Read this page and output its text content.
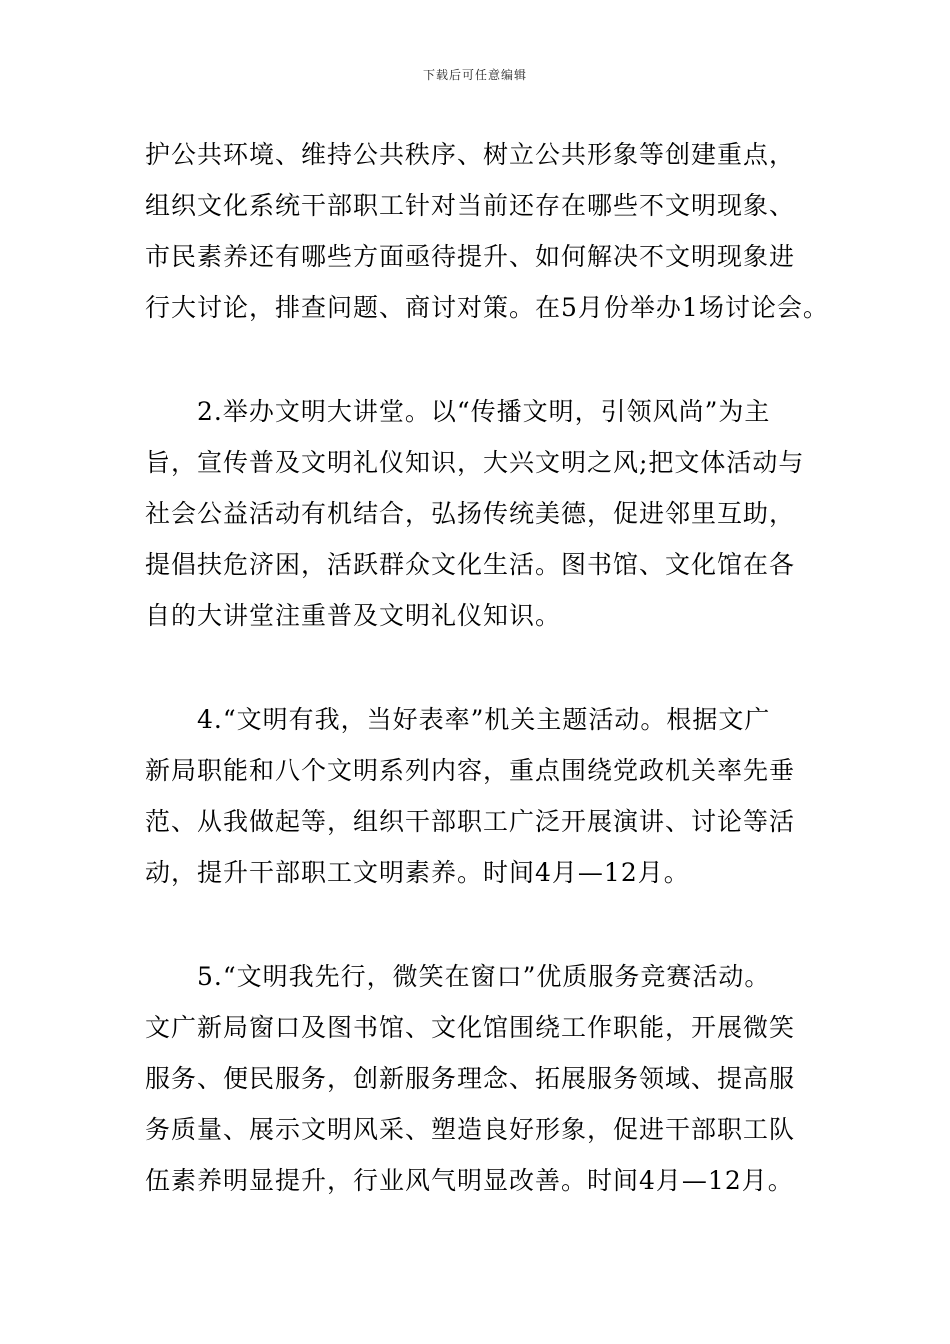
下载后可任意编辑
护公共环境、维持公共秩序、树立公共形象等创建重点，
组织文化系统干部职工针对当前还存在哪些不文明现象、
市民素养还有哪些方面亟待提升、如何解决不文明现象进
行大讨论，排查问题、商讨对策。在5月份举办1场讨论会。
2.举办文明大讲堂。以“传播文明，引领风尚”为主
旨，宣传普及文明礼仪知识，大兴文明之风;把文体活动与
社会公益活动有机结合，弘扬传统美德，促进邻里互助，
提倡扶危济困，活跃群众文化生活。图书馆、文化馆在各
自的大讲堂注重普及文明礼仪知识。
4.“文明有我，当好表率”机关主题活动。根据文广
新局职能和八个文明系列内容，重点围绕党政机关率先垂
范、从我做起等，组织干部职工广泛开展演讲、讨论等活
动，提升干部职工文明素养。时间4月—12月。
5.“文明我先行，微笑在窗口”优质服务竞赛活动。
文广新局窗口及图书馆、文化馆围绕工作职能，开展微笑
服务、便民服务，创新服务理念、拓展服务领域、提高服
务质量、展示文明风采、塑造良好形象，促进干部职工队
伍素养明显提升，行业风气明显改善。时间4月—12月。
